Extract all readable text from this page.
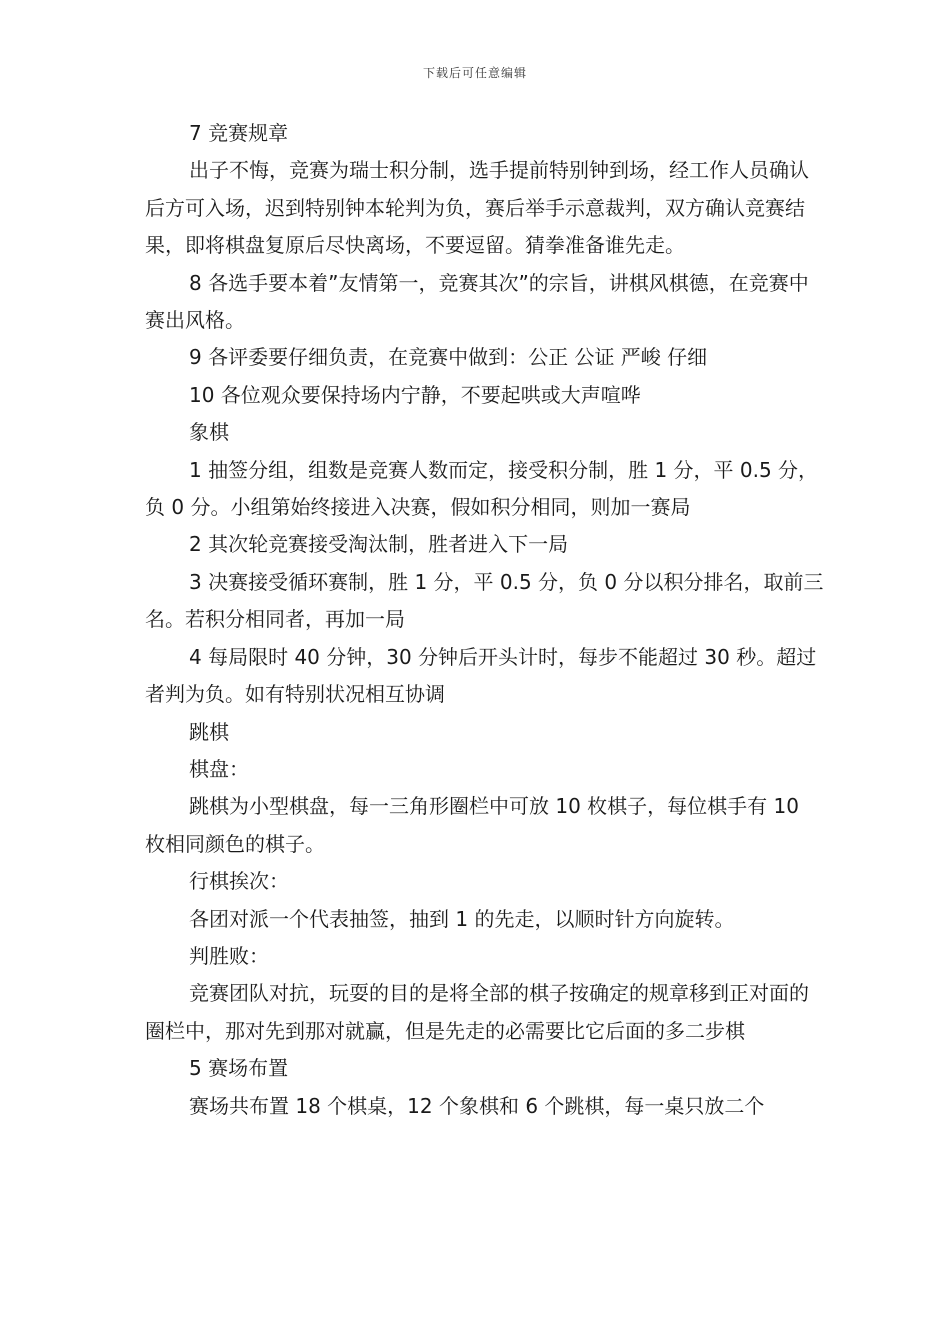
下载后可任意编辑

7 竞赛规章

出子不悔，竞赛为瑞士积分制，选手提前特别钟到场，经工作人员确认后方可入场，迟到特别钟本轮判为负，赛后举手示意裁判，双方确认竞赛结果，即将棋盘复原后尽快离场，不要逗留。猜拳准备谁先走。

8 各选手要本着”友情第一，竞赛其次”的宗旨，讲棋风棋德，在竞赛中赛出风格。

9 各评委要仔细负责，在竞赛中做到：公正 公证 严峻 仔细

10 各位观众要保持场内宁静，不要起哄或大声喧哗

象棋

1 抽签分组，组数是竞赛人数而定，接受积分制，胜 1 分，平 0.5 分，负 0 分。小组第始终接进入决赛，假如积分相同，则加一赛局

2 其次轮竞赛接受淘汰制，胜者进入下一局

3 决赛接受循环赛制，胜 1 分，平 0.5 分，负 0 分以积分排名，取前三名。若积分相同者，再加一局

4 每局限时 40 分钟，30 分钟后开头计时，每步不能超过 30 秒。超过者判为负。如有特别状况相互协调

跳棋

棋盘：

跳棋为小型棋盘，每一三角形圈栏中可放 10 枚棋子，每位棋手有 10 枚相同颜色的棋子。

行棋挨次：

各团对派一个代表抽签，抽到 1 的先走，以顺时针方向旋转。

判胜败：

竞赛团队对抗，玩耍的目的是将全部的棋子按确定的规章移到正对面的圈栏中，那对先到那对就赢，但是先走的必需要比它后面的多二步棋

5 赛场布置

赛场共布置 18 个棋桌，12 个象棋和 6 个跳棋，每一桌只放二个
